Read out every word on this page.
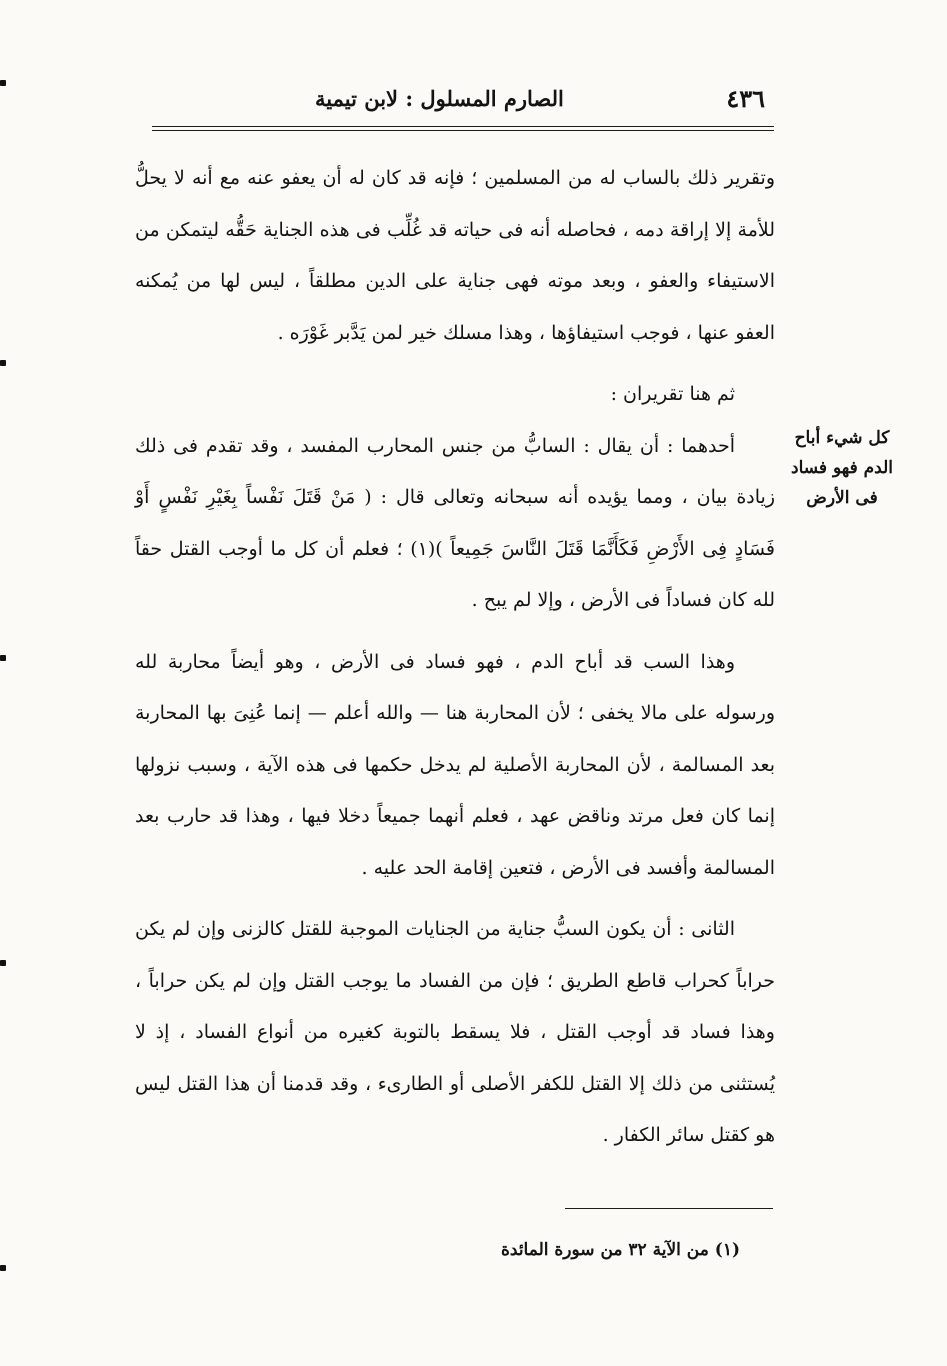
٤٣٦
الصارم المسلول : لابن تيمية
كل شيء أباح الدم فهو فساد فى الأرض

وتقرير ذلك بالساب له من المسلمين ؛ فإنه قد كان له أن يعفو عنه مع أنه لا يحلُّ للأمة إلا إراقة دمه ، فحاصله أنه فى حياته قد غُلِّب فى هذه الجناية حَقُّه ليتمكن من الاستيفاء والعفو ، وبعد موته فهى جناية على الدين مطلقاً ، ليس لها من يُمكنه العفو عنها ، فوجب استيفاؤها ، وهذا مسلك خير لمن يَدَّبر غَوْرَه .

ثم هنا تقريران :

أحدهما : أن يقال : السابُّ من جنس المحارب المفسد ، وقد تقدم فى ذلك زيادة بيان ، ومما يؤيده أنه سبحانه وتعالى قال : ( مَنْ قَتَلَ نَفْساً بِغَيْرِ نَفْسٍ أَوْ فَسَادٍ فِى الأَرْضِ فَكَأَنَّمَا قَتَلَ النَّاسَ جَمِيعاً )(١) ؛ فعلم أن كل ما أوجب القتل حقاً لله كان فساداً فى الأرض ، وإلا لم يبح .

وهذا السب قد أباح الدم ، فهو فساد فى الأرض ، وهو أيضاً محاربة لله ورسوله على مالا يخفى ؛ لأن المحاربة هنا — والله أعلم — إنما عُنِىَ بها المحاربة بعد المسالمة ، لأن المحاربة الأصلية لم يدخل حكمها فى هذه الآية ، وسبب نزولها إنما كان فعل مرتد وناقض عهد ، فعلم أنهما جميعاً دخلا فيها ، وهذا قد حارب بعد المسالمة وأفسد فى الأرض ، فتعين إقامة الحد عليه .

الثانى : أن يكون السبُّ جناية من الجنايات الموجبة للقتل كالزنى وإن لم يكن حراباً كحراب قاطع الطريق ؛ فإن من الفساد ما يوجب القتل وإن لم يكن حراباً ، وهذا فساد قد أوجب القتل ، فلا يسقط بالتوبة كغيره من أنواع الفساد ، إذ لا يُستثنى من ذلك إلا القتل للكفر الأصلى أو الطارىء ، وقد قدمنا أن هذا القتل ليس هو كقتل سائر الكفار .

(١) من الآية ٣٢ من سورة المائدة
